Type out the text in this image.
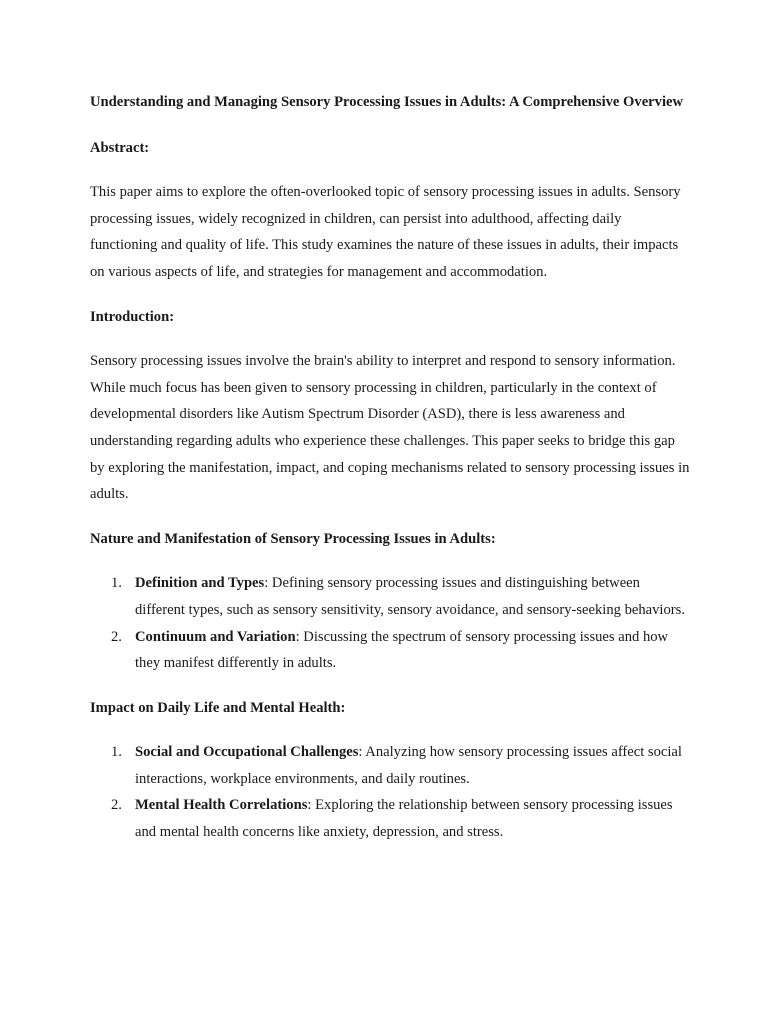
Understanding and Managing Sensory Processing Issues in Adults: A Comprehensive Overview

Abstract:

This paper aims to explore the often-overlooked topic of sensory processing issues in adults. Sensory processing issues, widely recognized in children, can persist into adulthood, affecting daily functioning and quality of life. This study examines the nature of these issues in adults, their impacts on various aspects of life, and strategies for management and accommodation.

Introduction:

Sensory processing issues involve the brain's ability to interpret and respond to sensory information. While much focus has been given to sensory processing in children, particularly in the context of developmental disorders like Autism Spectrum Disorder (ASD), there is less awareness and understanding regarding adults who experience these challenges. This paper seeks to bridge this gap by exploring the manifestation, impact, and coping mechanisms related to sensory processing issues in adults.

Nature and Manifestation of Sensory Processing Issues in Adults:

1. Definition and Types: Defining sensory processing issues and distinguishing between different types, such as sensory sensitivity, sensory avoidance, and sensory-seeking behaviors.
2. Continuum and Variation: Discussing the spectrum of sensory processing issues and how they manifest differently in adults.

Impact on Daily Life and Mental Health:

1. Social and Occupational Challenges: Analyzing how sensory processing issues affect social interactions, workplace environments, and daily routines.
2. Mental Health Correlations: Exploring the relationship between sensory processing issues and mental health concerns like anxiety, depression, and stress.
